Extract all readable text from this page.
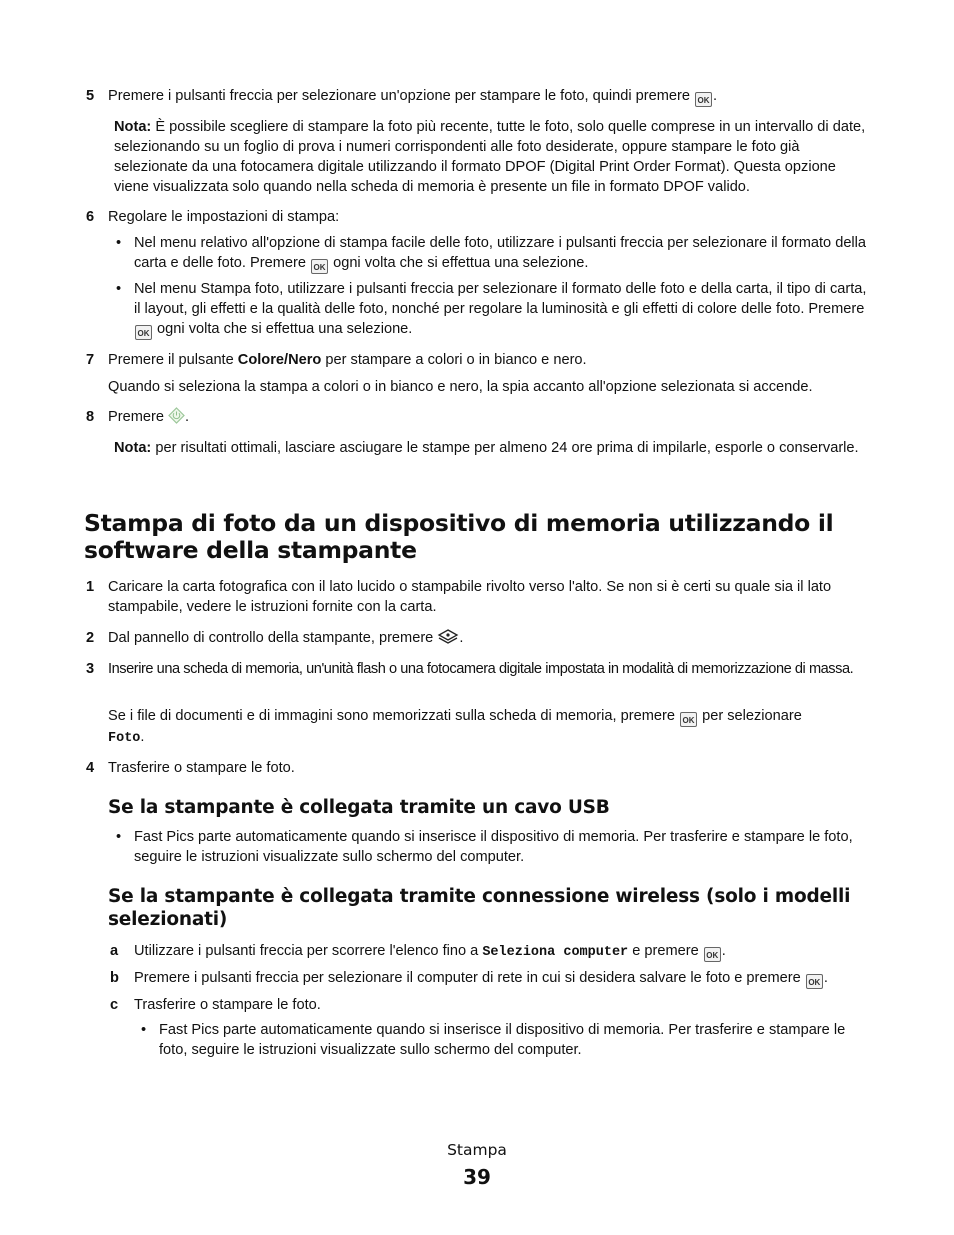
5 Premere i pulsanti freccia per selezionare un'opzione per stampare le foto, quindi premere OK .
Nota: È possibile scegliere di stampare la foto più recente, tutte le foto, solo quelle comprese in un intervallo di date, selezionando su un foglio di prova i numeri corrispondenti alle foto desiderate, oppure stampare le foto già selezionate da una fotocamera digitale utilizzando il formato DPOF (Digital Print Order Format). Questa opzione viene visualizzata solo quando nella scheda di memoria è presente un file in formato DPOF valido.
6 Regolare le impostazioni di stampa:
• Nel menu relativo all'opzione di stampa facile delle foto, utilizzare i pulsanti freccia per selezionare il formato della carta e delle foto. Premere OK ogni volta che si effettua una selezione.
• Nel menu Stampa foto, utilizzare i pulsanti freccia per selezionare il formato delle foto e della carta, il tipo di carta, il layout, gli effetti e la qualità delle foto, nonché per regolare la luminosità e gli effetti di colore delle foto. Premere OK ogni volta che si effettua una selezione.
7 Premere il pulsante Colore/Nero per stampare a colori o in bianco e nero.
Quando si seleziona la stampa a colori o in bianco e nero, la spia accanto all'opzione selezionata si accende.
8 Premere .
Nota: per risultati ottimali, lasciare asciugare le stampe per almeno 24 ore prima di impilarle, esporle o conservarle.
Stampa di foto da un dispositivo di memoria utilizzando il software della stampante
1 Caricare la carta fotografica con il lato lucido o stampabile rivolto verso l'alto. Se non si è certi su quale sia il lato stampabile, vedere le istruzioni fornite con la carta.
2 Dal pannello di controllo della stampante, premere .
3 Inserire una scheda di memoria, un'unità flash o una fotocamera digitale impostata in modalità di memorizzazione di massa.
Se i file di documenti e di immagini sono memorizzati sulla scheda di memoria, premere OK per selezionare
Foto.
4 Trasferire o stampare le foto.
Se la stampante è collegata tramite un cavo USB
• Fast Pics parte automaticamente quando si inserisce il dispositivo di memoria. Per trasferire e stampare le foto, seguire le istruzioni visualizzate sullo schermo del computer.
Se la stampante è collegata tramite connessione wireless (solo i modelli selezionati)
a	Utilizzare i pulsanti freccia per scorrere l'elenco fino a Seleziona computer e premere OK .
b	Premere i pulsanti freccia per selezionare il computer di rete in cui si desidera salvare le foto e premere OK .
c	Trasferire o stampare le foto.
• Fast Pics parte automaticamente quando si inserisce il dispositivo di memoria. Per trasferire e stampare le foto, seguire le istruzioni visualizzate sullo schermo del computer.
Stampa
39
